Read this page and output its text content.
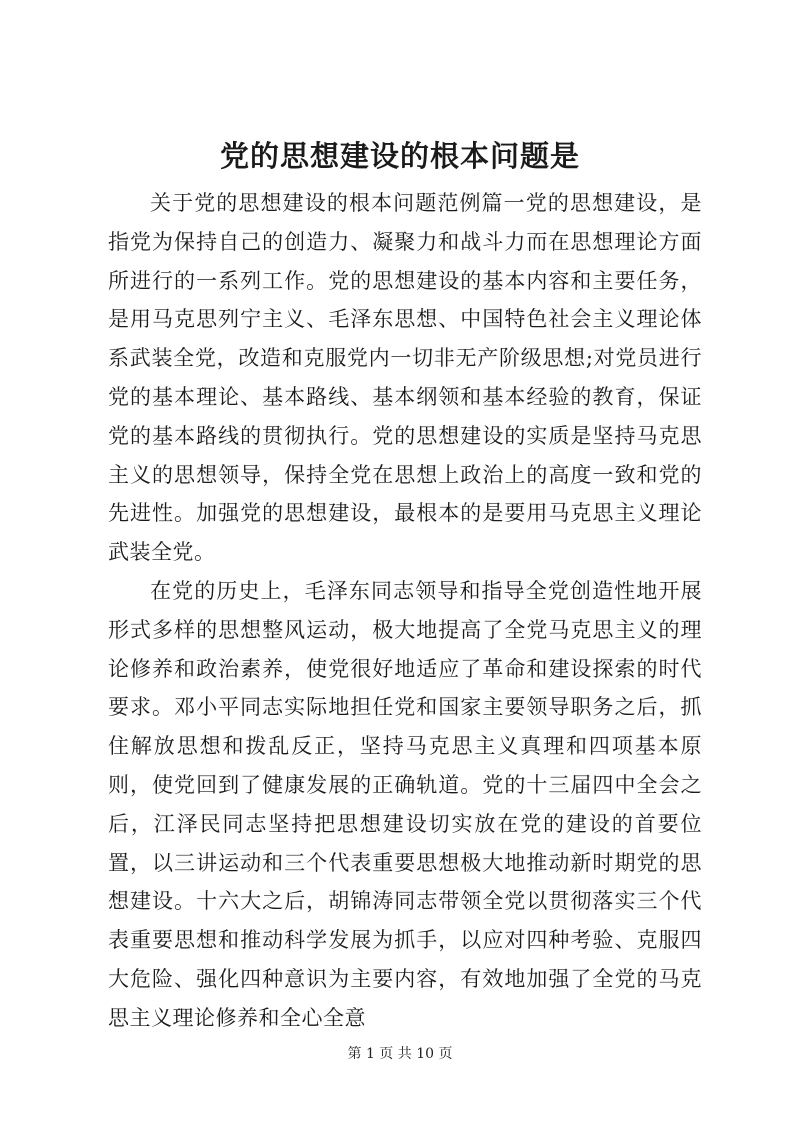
党的思想建设的根本问题是

关于党的思想建设的根本问题范例篇一党的思想建设，是指党为保持自己的创造力、凝聚力和战斗力而在思想理论方面所进行的一系列工作。党的思想建设的基本内容和主要任务，是用马克思列宁主义、毛泽东思想、中国特色社会主义理论体系武装全党，改造和克服党内一切非无产阶级思想;对党员进行党的基本理论、基本路线、基本纲领和基本经验的教育，保证党的基本路线的贯彻执行。党的思想建设的实质是坚持马克思主义的思想领导，保持全党在思想上政治上的高度一致和党的先进性。加强党的思想建设，最根本的是要用马克思主义理论武装全党。

在党的历史上，毛泽东同志领导和指导全党创造性地开展形式多样的思想整风运动，极大地提高了全党马克思主义的理论修养和政治素养，使党很好地适应了革命和建设探索的时代要求。邓小平同志实际地担任党和国家主要领导职务之后，抓住解放思想和拨乱反正，坚持马克思主义真理和四项基本原则，使党回到了健康发展的正确轨道。党的十三届四中全会之后，江泽民同志坚持把思想建设切实放在党的建设的首要位置，以三讲运动和三个代表重要思想极大地推动新时期党的思想建设。十六大之后，胡锦涛同志带领全党以贯彻落实三个代表重要思想和推动科学发展为抓手，以应对四种考验、克服四大危险、强化四种意识为主要内容，有效地加强了全党的马克思主义理论修养和全心全意

第 1 页 共 10 页
